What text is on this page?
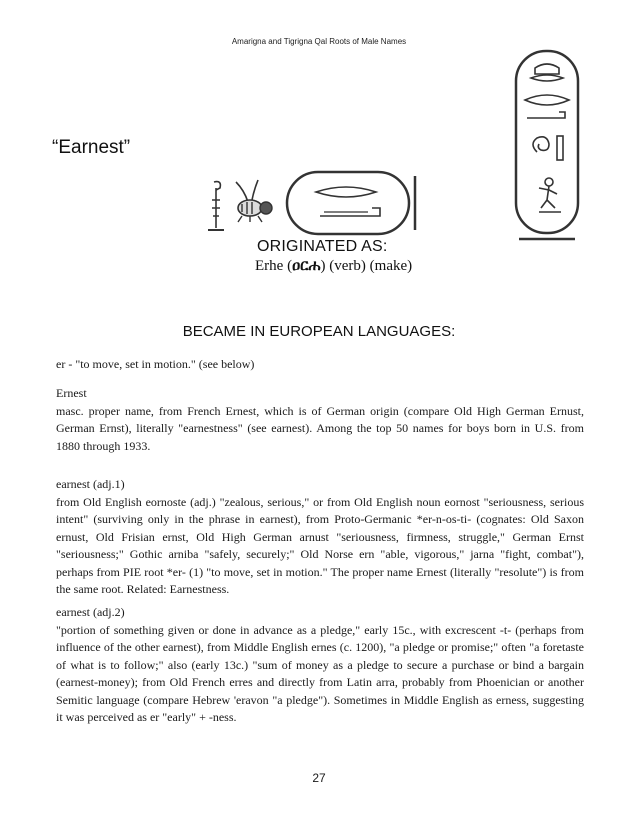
Amarigna and Tigrigna Qal Roots of Male Names
“Earnest”
ORIGINATED AS:
Erhe (ዐርሐ) (verb) (make)
BECAME IN EUROPEAN LANGUAGES:

er - "to move, set in motion." (see below)

Ernest

masc. proper name, from French Ernest, which is of German origin (compare Old High German Ernust, German Ernst), literally "earnestness" (see earnest). Among the top 50 names for boys born in U.S. from 1880 through 1933.

earnest (adj.1)

from Old English eornoste (adj.) "zealous, serious," or from Old English noun eornost "seriousness, serious intent" (surviving only in the phrase in earnest), from Proto-Germanic *er-n-os-ti- (cognates: Old Saxon ernust, Old Frisian ernst, Old High German arnust "seriousness, firmness, struggle," German Ernst "seriousness;" Gothic arniba "safely, securely;" Old Norse ern "able, vigorous," jarna "fight, combat"), perhaps from PIE root *er- (1) "to move, set in motion." The proper name Ernest (literally "resolute") is from the same root. Related: Earnestness.

earnest (adj.2)

"portion of something given or done in advance as a pledge," early 15c., with excrescent -t- (perhaps from influence of the other earnest), from Middle English ernes (c. 1200), "a pledge or promise;" often "a foretaste of what is to follow;" also (early 13c.) "sum of money as a pledge to secure a purchase or bind a bargain (earnest-money); from Old French erres and directly from Latin arra, probably from Phoenician or another Semitic language (compare Hebrew 'eravon "a pledge"). Sometimes in Middle English as erness, suggesting it was perceived as er "early" + -ness.

27
